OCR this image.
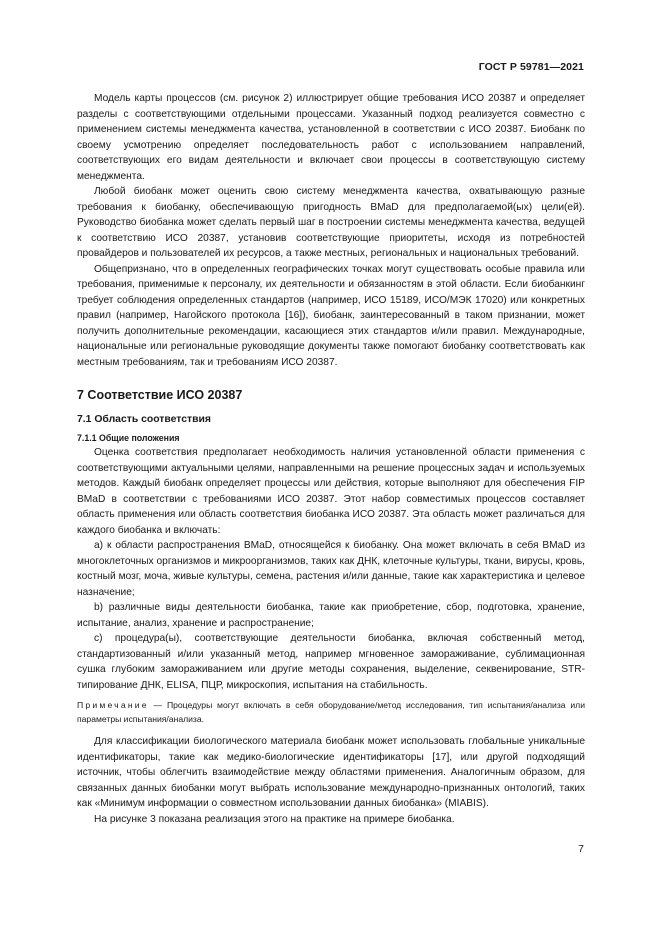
ГОСТ Р 59781—2021

Модель карты процессов (см. рисунок 2) иллюстрирует общие требования ИСО 20387 и определяет разделы с соответствующими отдельными процессами. Указанный подход реализуется совместно с применением системы менеджмента качества, установленной в соответствии с ИСО 20387. Биобанк по своему усмотрению определяет последовательность работ с использованием направлений, соответствующих его видам деятельности и включает свои процессы в соответствующую систему менеджмента.

Любой биобанк может оценить свою систему менеджмента качества, охватывающую разные требования к биобанку, обеспечивающую пригодность BMaD для предполагаемой(ых) цели(ей). Руководство биобанка может сделать первый шаг в построении системы менеджмента качества, ведущей к соответствию ИСО 20387, установив соответствующие приоритеты, исходя из потребностей провайдеров и пользователей их ресурсов, а также местных, региональных и национальных требований.

Общепризнано, что в определенных географических точках могут существовать особые правила или требования, применимые к персоналу, их деятельности и обязанностям в этой области. Если биобанкинг требует соблюдения определенных стандартов (например, ИСО 15189, ИСО/МЭК 17020) или конкретных правил (например, Нагойского протокола [16]), биобанк, заинтересованный в таком признании, может получить дополнительные рекомендации, касающиеся этих стандартов и/или правил. Международные, национальные или региональные руководящие документы также помогают биобанку соответствовать как местным требованиям, так и требованиям ИСО 20387.

7 Соответствие ИСО 20387
7.1 Область соответствия
7.1.1 Общие положения

Оценка соответствия предполагает необходимость наличия установленной области применения с соответствующими актуальными целями, направленными на решение процессных задач и используемых методов. Каждый биобанк определяет процессы или действия, которые выполняют для обеспечения FIP BMaD в соответствии с требованиями ИСО 20387. Этот набор совместимых процессов составляет область применения или область соответствия биобанка ИСО 20387. Эта область может различаться для каждого биобанка и включать:

а) к области распространения BMaD, относящейся к биобанку. Она может включать в себя BMaD из многоклеточных организмов и микроорганизмов, таких как ДНК, клеточные культуры, ткани, вирусы, кровь, костный мозг, моча, живые культуры, семена, растения и/или данные, такие как характеристика и целевое назначение;

b) различные виды деятельности биобанка, такие как приобретение, сбор, подготовка, хранение, испытание, анализ, хранение и распространение;

c) процедура(ы), соответствующие деятельности биобанка, включая собственный метод, стандартизованный и/или указанный метод, например мгновенное замораживание, сублимационная сушка глубоким замораживанием или другие методы сохранения, выделение, секвенирование, STR-типирование ДНК, ELISA, ПЦР, микроскопия, испытания на стабильность.

Примечание — Процедуры могут включать в себя оборудование/метод исследования, тип испытания/анализа или параметры испытания/анализа.

Для классификации биологического материала биобанк может использовать глобальные уникальные идентификаторы, такие как медико-биологические идентификаторы [17], или другой подходящий источник, чтобы облегчить взаимодействие между областями применения. Аналогичным образом, для связанных данных биобанки могут выбрать использование международно-признанных онтологий, таких как «Минимум информации о совместном использовании данных биобанка» (MIABIS).

На рисунке 3 показана реализация этого на практике на примере биобанка.

7
